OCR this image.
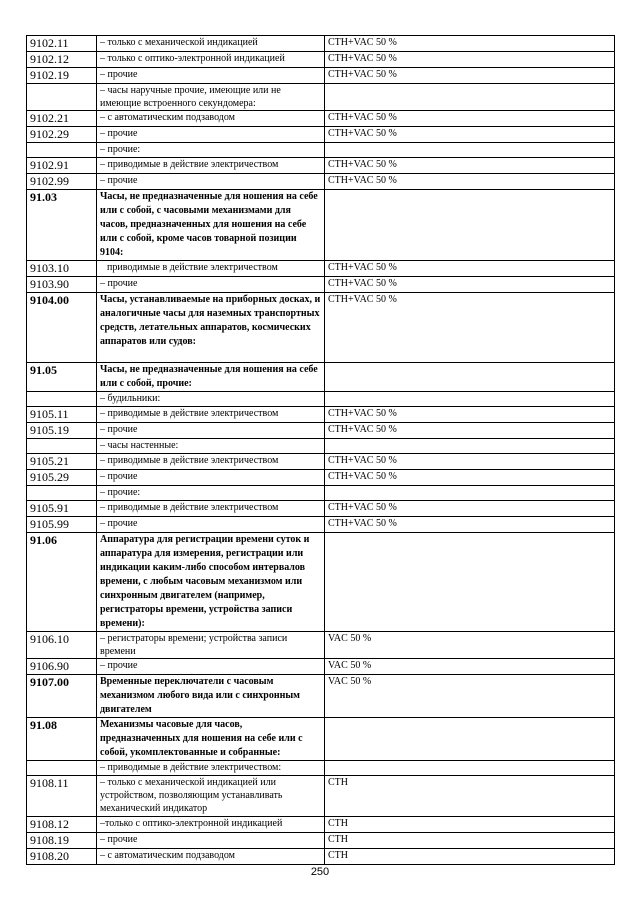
9102.11	– только с механической индикацией	СТН+VAC 50 %
9102.12	– только с оптико-электронной индикацией	СТН+VAC 50 %
9102.19	– прочие	СТН+VAC 50 %
	– часы наручные прочие, имеющие или не имеющие встроенного секундомера:	
9102.21	– с автоматическим подзаводом	СТН+VAC 50 %
9102.29	– прочие	СТН+VAC 50 %
	– прочие:	
9102.91	– приводимые в действие электричеством	СТН+VAC 50 %
9102.99	– прочие	СТН+VAC 50 %
91.03	Часы, не предназначенные для ношения на себе или с собой, с часовыми механизмами для часов, предназначенных для ношения на себе или с собой, кроме часов товарной позиции 9104:	
9103.10	приводимые в действие электричеством	СТН+VAC 50 %
9103.90	– прочие	СТН+VAC 50 %
9104.00	Часы, устанавливаемые на приборных досках, и аналогичные часы для наземных транспортных средств, летательных аппаратов, космических аппаратов или судов:	СТН+VAC 50 %
91.05	Часы, не предназначенные для ношения на себе или с собой, прочие:	
	– будильники:	
9105.11	– приводимые в действие электричеством	СТН+VAC 50 %
9105.19	– прочие	СТН+VAC 50 %
	– часы настенные:	
9105.21	– приводимые в действие электричеством	СТН+VAC 50 %
9105.29	– прочие	СТН+VAC 50 %
	– прочие:	
9105.91	– приводимые в действие электричеством	СТН+VAC 50 %
9105.99	– прочие	СТН+VAC 50 %
91.06	Аппаратура для регистрации времени суток и аппаратура для измерения, регистрации или индикации каким-либо способом интервалов времени, с любым часовым механизмом или синхронным двигателем (например, регистраторы времени, устройства записи времени):	
9106.10	– регистраторы времени; устройства записи времени	VAC 50 %
9106.90	– прочие	VAC 50 %
9107.00	Временные переключатели с часовым механизмом любого вида или с синхронным двигателем	VAC 50 %
91.08	Механизмы часовые для часов, предназначенных для ношения на себе или с собой, укомплектованные и собранные:	
	– приводимые в действие электричеством:	
9108.11	– только с механической индикацией или устройством, позволяющим устанавливать механический индикатор	СТН
9108.12	–только с оптико-электронной индикацией	СТН
9108.19	– прочие	СТН
9108.20	– с автоматическим подзаводом	СТН
250
